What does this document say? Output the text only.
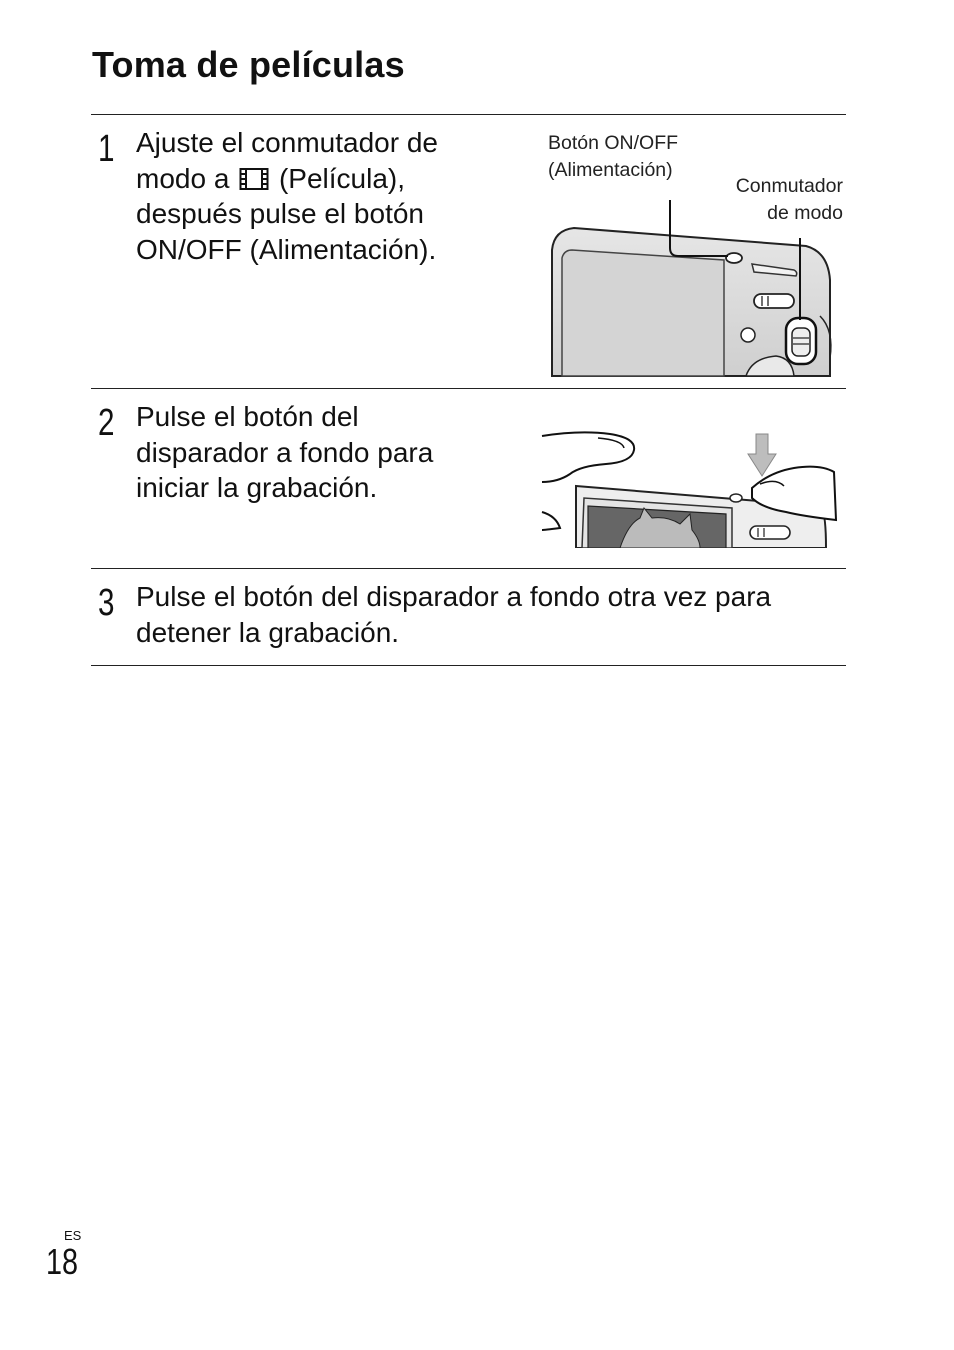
Toma de películas
1 Ajuste el conmutador de modo a (Película), después pulse el botón ON/OFF (Alimentación).
Botón ON/OFF
(Alimentación)
Conmutador
de modo
2 Pulse el botón del disparador a fondo para iniciar la grabación.
3 Pulse el botón del disparador a fondo otra vez para detener la grabación.
ES
18
